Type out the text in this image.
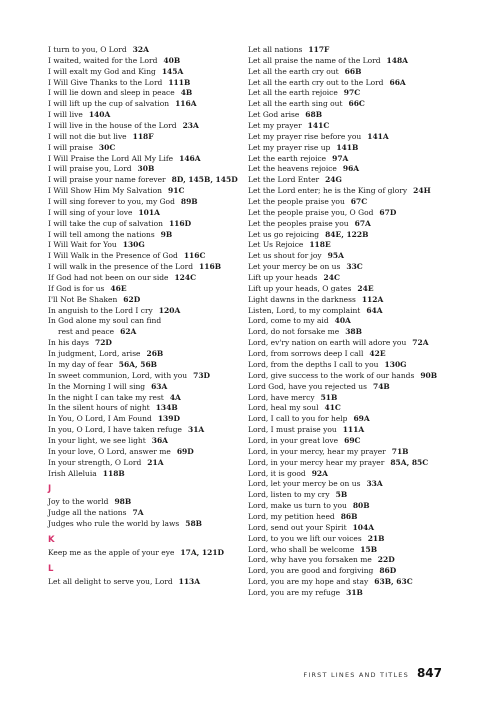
I turn to you, O Lord 32A
I waited, waited for the Lord 40B
I will exalt my God and King 145A
I Will Give Thanks to the Lord 111B
I will lie down and sleep in peace 4B
I will lift up the cup of salvation 116A
I will live 140A
I will live in the house of the Lord 23A
I will not die but live 118F
I will praise 30C
I Will Praise the Lord All My Life 146A
I will praise you, Lord 30B
I will praise your name forever 8D, 145B, 145D
I Will Show Him My Salvation 91C
I will sing forever to you, my God 89B
I will sing of your love 101A
I will take the cup of salvation 116D
I will tell among the nations 9B
I Will Wait for You 130G
I Will Walk in the Presence of God 116C
I will walk in the presence of the Lord 116B
If God had not been on our side 124C
If God is for us 46E
I'll Not Be Shaken 62D
In anguish to the Lord I cry 120A
In God alone my soul can find
rest and peace 62A
In his days 72D
In judgment, Lord, arise 26B
In my day of fear 56A, 56B
In sweet communion, Lord, with you 73D
In the Morning I will sing 63A
In the night I can take my rest 4A
In the silent hours of night 134B
In You, O Lord, I Am Found 139D
In you, O Lord, I have taken refuge 31A
In your light, we see light 36A
In your love, O Lord, answer me 69D
In your strength, O Lord 21A
Irish Alleluia 118B
J
Joy to the world 98B
Judge all the nations 7A
Judges who rule the world by laws 58B
K
Keep me as the apple of your eye 17A, 121D
L
Let all delight to serve you, Lord 113A
Let all nations 117F
Let all praise the name of the Lord 148A
Let all the earth cry out 66B
Let all the earth cry out to the Lord 66A
Let all the earth rejoice 97C
Let all the earth sing out 66C
Let God arise 68B
Let my prayer 141C
Let my prayer rise before you 141A
Let my prayer rise up 141B
Let the earth rejoice 97A
Let the heavens rejoice 96A
Let the Lord Enter 24G
Let the Lord enter; he is the King of glory 24H
Let the people praise you 67C
Let the people praise you, O God 67D
Let the peoples praise you 67A
Let us go rejoicing 84E, 122B
Let Us Rejoice 118E
Let us shout for joy 95A
Let your mercy be on us 33C
Lift up your heads 24C
Lift up your heads, O gates 24E
Light dawns in the darkness 112A
Listen, Lord, to my complaint 64A
Lord, come to my aid 40A
Lord, do not forsake me 38B
Lord, ev'ry nation on earth will adore you 72A
Lord, from sorrows deep I call 42E
Lord, from the depths I call to you 130G
Lord, give success to the work of our hands 90B
Lord God, have you rejected us 74B
Lord, have mercy 51B
Lord, heal my soul 41C
Lord, I call to you for help 69A
Lord, I must praise you 111A
Lord, in your great love 69C
Lord, in your mercy, hear my prayer 71B
Lord, in your mercy hear my prayer 85A, 85C
Lord, it is good 92A
Lord, let your mercy be on us 33A
Lord, listen to my cry 5B
Lord, make us turn to you 80B
Lord, my petition heed 86B
Lord, send out your Spirit 104A
Lord, to you we lift our voices 21B
Lord, who shall be welcome 15B
Lord, why have you forsaken me 22D
Lord, you are good and forgiving 86D
Lord, you are my hope and stay 63B, 63C
Lord, you are my refuge 31B
FIRST LINES AND TITLES 847
